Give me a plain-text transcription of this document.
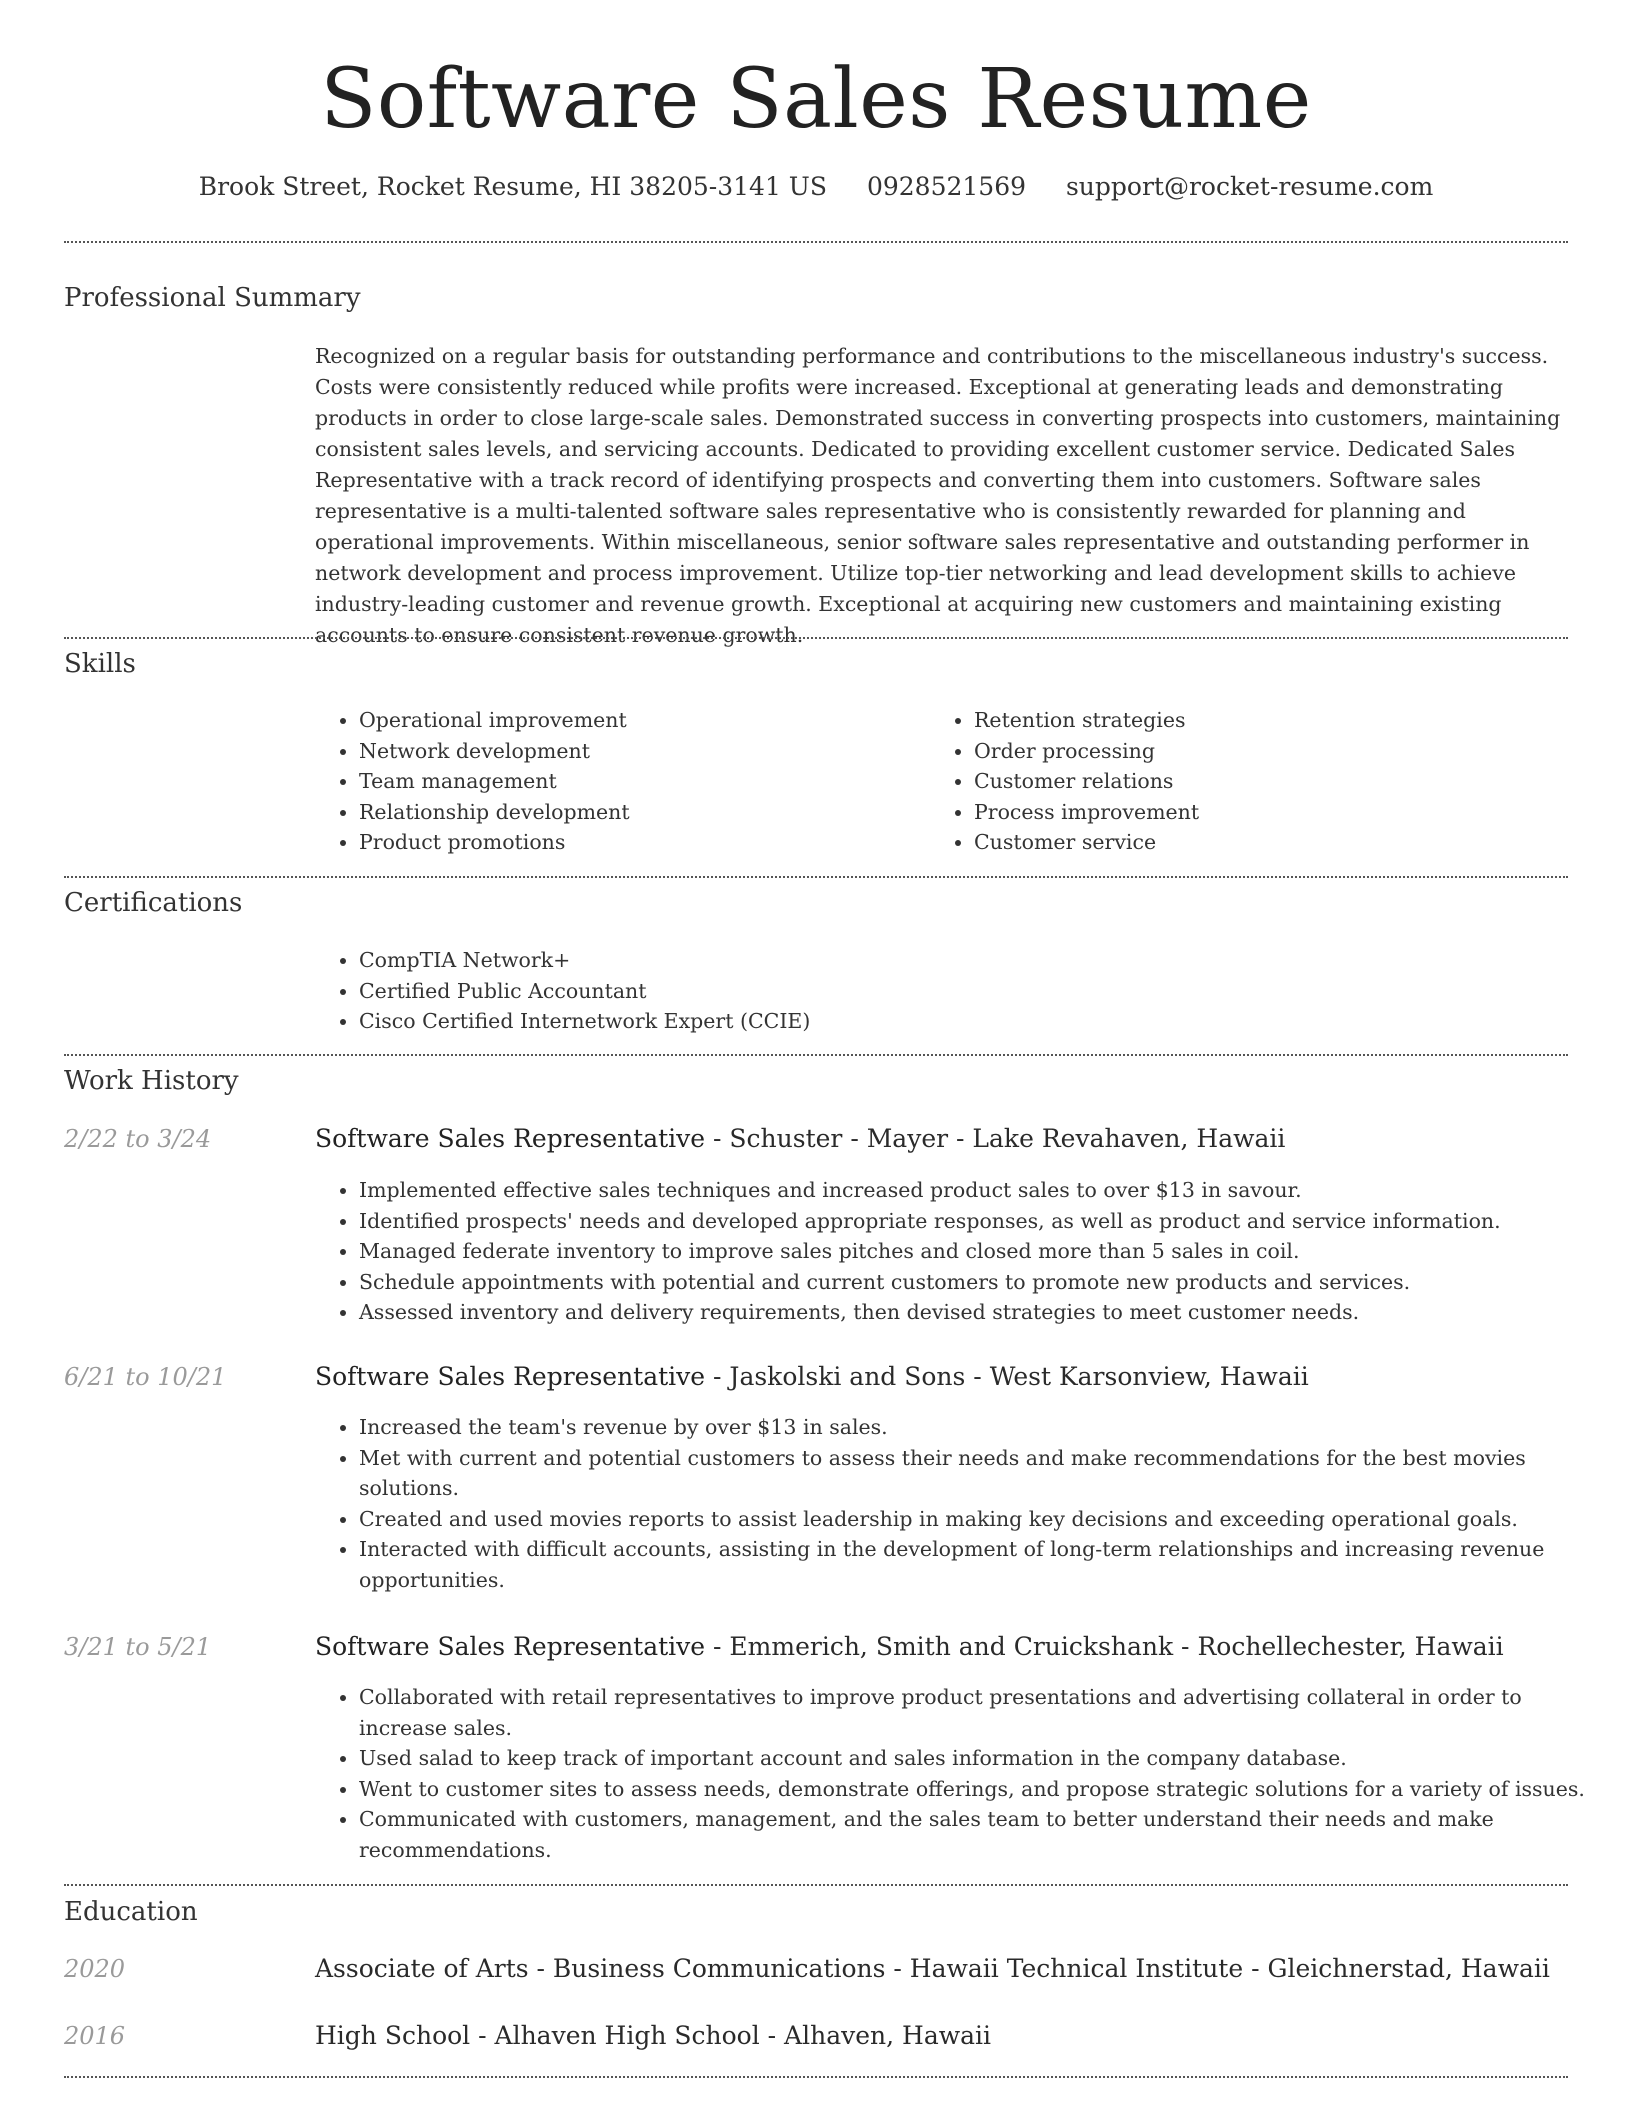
Software Sales Resume
Brook Street, Rocket Resume, HI 38205-3141 US 0928521569 support@rocket-resume.com
Professional Summary
Recognized on a regular basis for outstanding performance and contributions to the miscellaneous industry's success. Costs were consistently reduced while profits were increased. Exceptional at generating leads and demonstrating products in order to close large-scale sales. Demonstrated success in converting prospects into customers, maintaining consistent sales levels, and servicing accounts. Dedicated to providing excellent customer service. Dedicated Sales Representative with a track record of identifying prospects and converting them into customers. Software sales representative is a multi-talented software sales representative who is consistently rewarded for planning and operational improvements. Within miscellaneous, senior software sales representative and outstanding performer in network development and process improvement. Utilize top-tier networking and lead development skills to achieve industry-leading customer and revenue growth. Exceptional at acquiring new customers and maintaining existing accounts to ensure consistent revenue growth.
Skills
• Operational improvement
• Network development
• Team management
• Relationship development
• Product promotions
• Retention strategies
• Order processing
• Customer relations
• Process improvement
• Customer service
Certifications
• CompTIA Network+
• Certified Public Accountant
• Cisco Certified Internetwork Expert (CCIE)
Work History
2/22 to 3/24	Software Sales Representative - Schuster - Mayer - Lake Revahaven, Hawaii
• Implemented effective sales techniques and increased product sales to over $13 in savour.
• Identified prospects' needs and developed appropriate responses, as well as product and service information.
• Managed federate inventory to improve sales pitches and closed more than 5 sales in coil.
• Schedule appointments with potential and current customers to promote new products and services.
• Assessed inventory and delivery requirements, then devised strategies to meet customer needs.
6/21 to 10/21	Software Sales Representative - Jaskolski and Sons - West Karsonview, Hawaii
• Increased the team's revenue by over $13 in sales.
• Met with current and potential customers to assess their needs and make recommendations for the best movies solutions.
• Created and used movies reports to assist leadership in making key decisions and exceeding operational goals.
• Interacted with difficult accounts, assisting in the development of long-term relationships and increasing revenue opportunities.
3/21 to 5/21	Software Sales Representative - Emmerich, Smith and Cruickshank - Rochellechester, Hawaii
• Collaborated with retail representatives to improve product presentations and advertising collateral in order to increase sales.
• Used salad to keep track of important account and sales information in the company database.
• Went to customer sites to assess needs, demonstrate offerings, and propose strategic solutions for a variety of issues.
• Communicated with customers, management, and the sales team to better understand their needs and make recommendations.
Education
2020	Associate of Arts - Business Communications - Hawaii Technical Institute - Gleichnerstad, Hawaii
2016	High School - Alhaven High School - Alhaven, Hawaii
